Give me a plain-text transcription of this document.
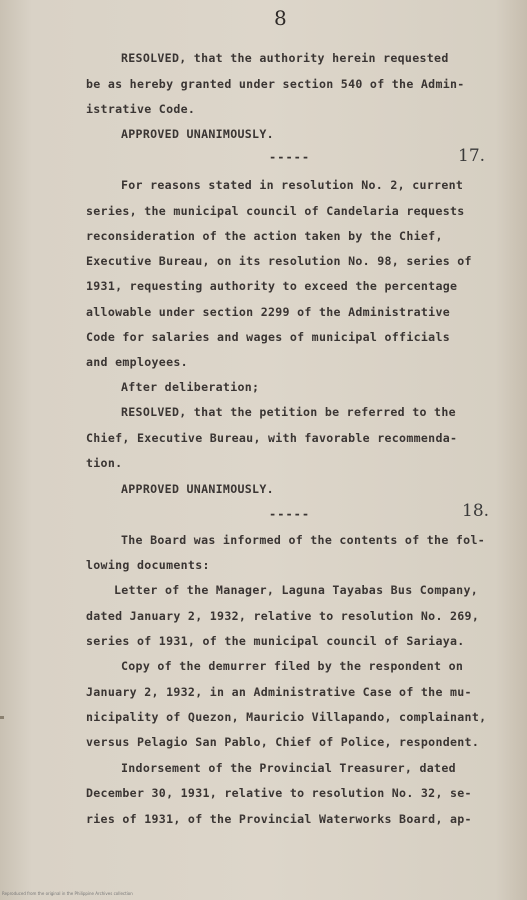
8
RESOLVED, that the authority herein requested
be as hereby granted under section 540 of the Admin-
istrative Code.
APPROVED UNANIMOUSLY.
-----	17.
For reasons stated in resolution No. 2, current
series, the municipal council of Candelaria requests
reconsideration of the action taken by the Chief,
Executive Bureau, on its resolution No. 98, series of
1931, requesting authority to exceed the percentage
allowable under section 2299 of the Administrative
Code for salaries and wages of municipal officials
and employees.
After deliberation;
RESOLVED, that the petition be referred to the
Chief, Executive Bureau, with favorable recommenda-
tion.
APPROVED UNANIMOUSLY.
-----	18.
The Board was informed of the contents of the fol-
lowing documents:
Letter of the Manager, Laguna Tayabas Bus Company,
dated January 2, 1932, relative to resolution No. 269,
series of 1931, of the municipal council of Sariaya.
Copy of the demurrer filed by the respondent on
January 2, 1932, in an Administrative Case of the mu-
nicipality of Quezon, Mauricio Villapando, complainant,
versus Pelagio San Pablo, Chief of Police, respondent.
Indorsement of the Provincial Treasurer, dated
December 30, 1931, relative to resolution No. 32, se-
ries of 1931, of the Provincial Waterworks Board, ap-
Reproduced from the original in the Philippine Archives collection
